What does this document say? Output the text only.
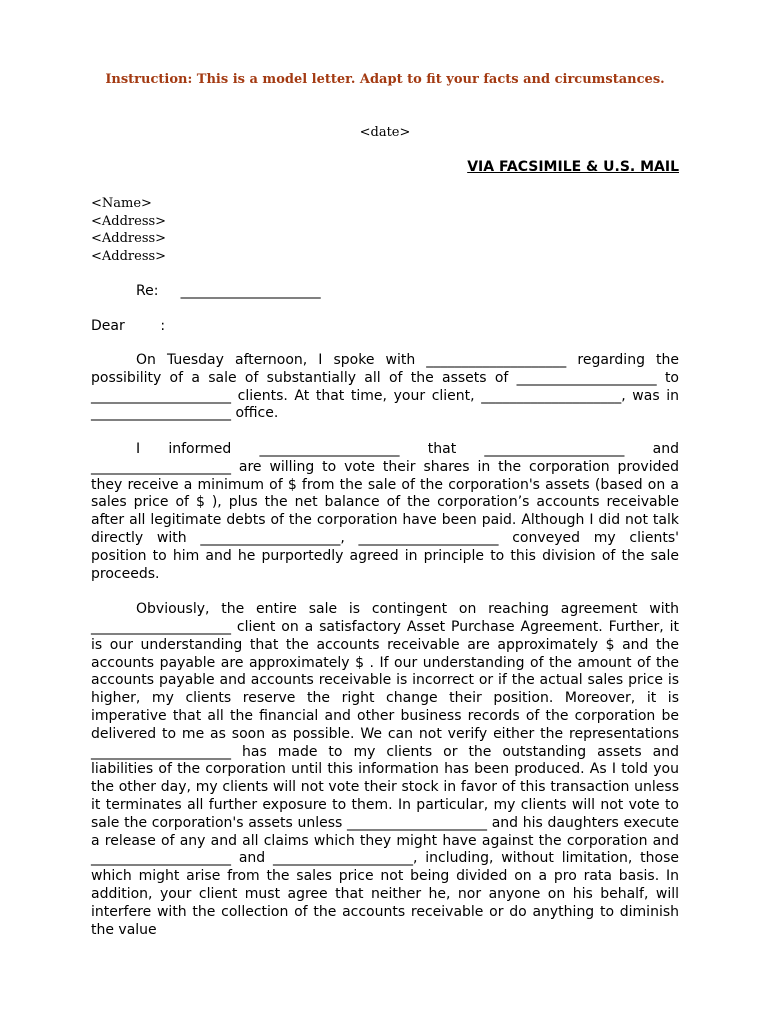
Instruction: This is a model letter. Adapt to fit your facts and circumstances.
<date>
VIA FACSIMILE & U.S. MAIL
<Name>
<Address>
<Address>
<Address>
Re:     ____________________
Dear        :

On Tuesday afternoon, I spoke with ____________________ regarding the possibility of a sale of substantially all of the assets of ____________________ to ____________________ clients. At that time, your client, ____________________, was in ____________________ office.

I informed ____________________ that ____________________ and ____________________ are willing to vote their shares in the corporation provided they receive a minimum of $ from the sale of the corporation's assets (based on a sales price of $ ), plus the net balance of the corporation’s accounts receivable after all legitimate debts of the corporation have been paid. Although I did not talk directly with ____________________, ____________________ conveyed my clients' position to him and he purportedly agreed in principle to this division of the sale proceeds.

Obviously, the entire sale is contingent on reaching agreement with ____________________ client on a satisfactory Asset Purchase Agreement. Further, it is our understanding that the accounts receivable are approximately $ and the accounts payable are approximately $ . If our understanding of the amount of the accounts payable and accounts receivable is incorrect or if the actual sales price is higher, my clients reserve the right change their position. Moreover, it is imperative that all the financial and other business records of the corporation be delivered to me as soon as possible. We can not verify either the representations ____________________ has made to my clients or the outstanding assets and liabilities of the corporation until this information has been produced. As I told you the other day, my clients will not vote their stock in favor of this transaction unless it terminates all further exposure to them. In particular, my clients will not vote to sale the corporation's assets unless ____________________ and his daughters execute a release of any and all claims which they might have against the corporation and ____________________ and ____________________, including, without limitation, those which might arise from the sales price not being divided on a pro rata basis. In addition, your client must agree that neither he, nor anyone on his behalf, will interfere with the collection of the accounts receivable or do anything to diminish the value
